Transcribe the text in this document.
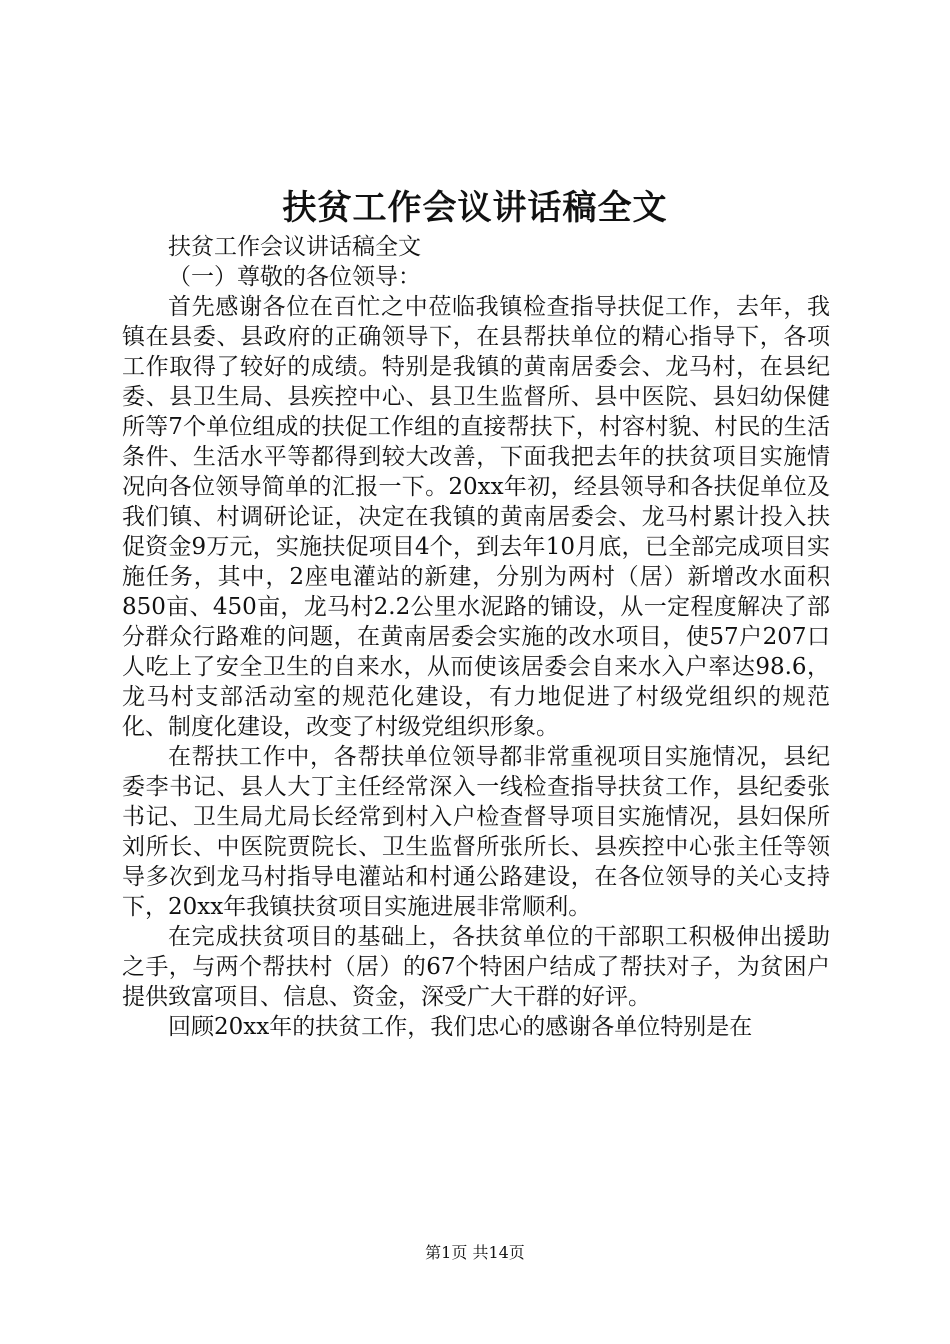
扶贫工作会议讲话稿全文

扶贫工作会议讲话稿全文

（一）尊敬的各位领导：

首先感谢各位在百忙之中莅临我镇检查指导扶促工作，去年，我镇在县委、县政府的正确领导下，在县帮扶单位的精心指导下，各项工作取得了较好的成绩。特别是我镇的黄南居委会、龙马村，在县纪委、县卫生局、县疾控中心、县卫生监督所、县中医院、县妇幼保健所等7个单位组成的扶促工作组的直接帮扶下，村容村貌、村民的生活条件、生活水平等都得到较大改善，下面我把去年的扶贫项目实施情况向各位领导简单的汇报一下。20xx年初，经县领导和各扶促单位及我们镇、村调研论证，决定在我镇的黄南居委会、龙马村累计投入扶促资金9万元，实施扶促项目4个，到去年10月底，已全部完成项目实施任务，其中，2座电灌站的新建，分别为两村（居）新增改水面积850亩、450亩，龙马村2.2公里水泥路的铺设，从一定程度解决了部分群众行路难的问题，在黄南居委会实施的改水项目，使57户207口人吃上了安全卫生的自来水，从而使该居委会自来水入户率达98.6，龙马村支部活动室的规范化建设，有力地促进了村级党组织的规范化、制度化建设，改变了村级党组织形象。

在帮扶工作中，各帮扶单位领导都非常重视项目实施情况，县纪委李书记、县人大丁主任经常深入一线检查指导扶贫工作，县纪委张书记、卫生局尤局长经常到村入户检查督导项目实施情况，县妇保所刘所长、中医院贾院长、卫生监督所张所长、县疾控中心张主任等领导多次到龙马村指导电灌站和村通公路建设，在各位领导的关心支持下，20xx年我镇扶贫项目实施进展非常顺利。

在完成扶贫项目的基础上，各扶贫单位的干部职工积极伸出援助之手，与两个帮扶村（居）的67个特困户结成了帮扶对子，为贫困户提供致富项目、信息、资金，深受广大干群的好评。

回顾20xx年的扶贫工作，我们忠心的感谢各单位特别是在

第1页 共14页
